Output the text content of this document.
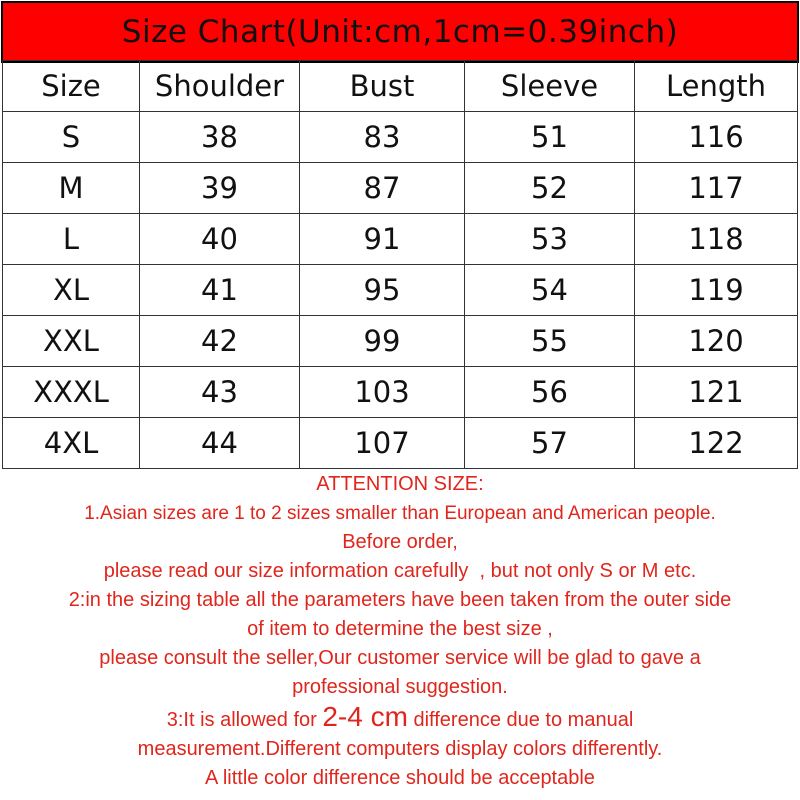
Size Chart(Unit:cm,1cm=0.39inch)
Size	Shoulder	Bust	Sleeve	Length
S	38	83	51	116
M	39	87	52	117
L	40	91	53	118
XL	41	95	54	119
XXL	42	99	55	120
XXXL	43	103	56	121
4XL	44	107	57	122
ATTENTION SIZE:
1.Asian sizes are 1 to 2 sizes smaller than European and American people.
Before order,
please read our size information carefully  , but not only S or M etc.
2:in the sizing table all the parameters have been taken from the outer side
of item to determine the best size ,
please consult the seller,Our customer service will be glad to gave a
professional suggestion.
3:It is allowed for 2-4 cm difference due to manual
measurement.Different computers display colors differently.
A little color difference should be acceptable
